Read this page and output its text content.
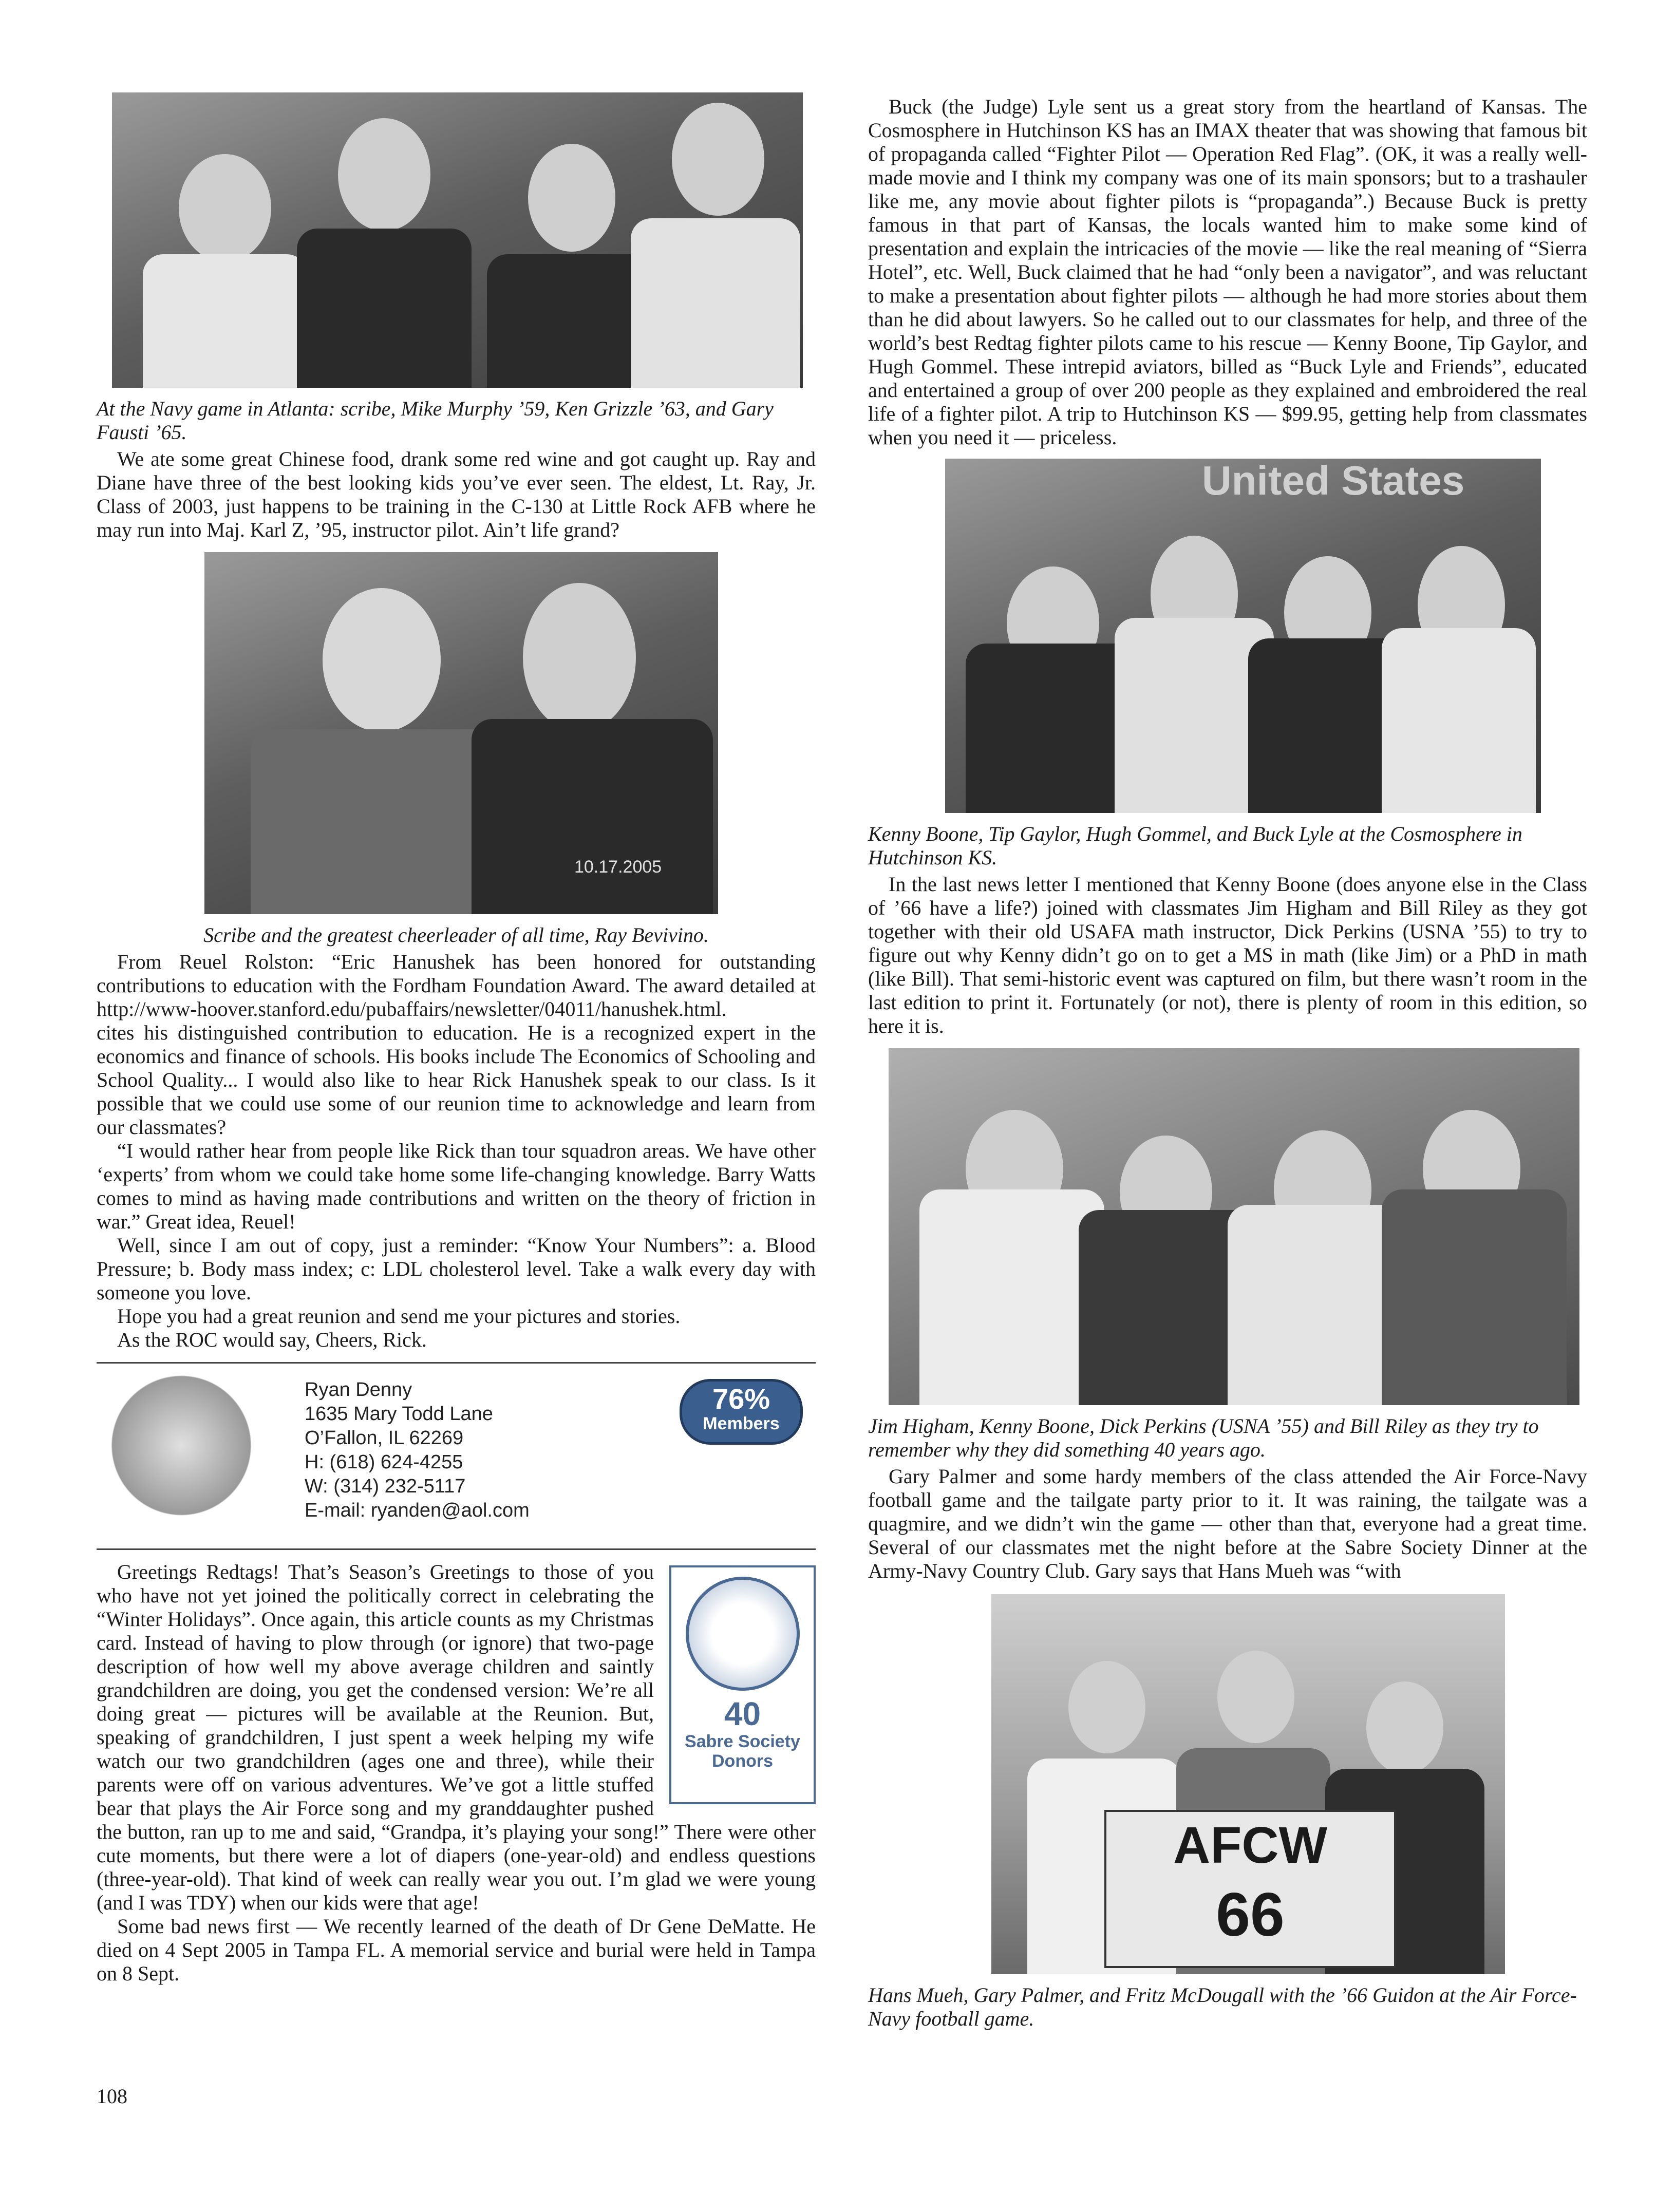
At the Navy game in Atlanta: scribe, Mike Murphy ’59, Ken Grizzle ’63, and Gary Fausti ’65.

We ate some great Chinese food, drank some red wine and got caught up. Ray and Diane have three of the best looking kids you’ve ever seen. The eldest, Lt. Ray, Jr. Class of 2003, just happens to be training in the C-130 at Little Rock AFB where he may run into Maj. Karl Z, ’95, instructor pilot. Ain’t life grand?

10.17.2005

Scribe and the greatest cheerleader of all time, Ray Bevivino.

From Reuel Rolston: “Eric Hanushek has been honored for outstanding contributions to education with the Fordham Foundation Award. The award detailed at http://www-hoover.stanford.edu/pubaffairs/newsletter/04011/hanushek.html.

cites his distinguished contribution to education. He is a recognized expert in the economics and finance of schools. His books include The Economics of Schooling and School Quality... I would also like to hear Rick Hanushek speak to our class. Is it possible that we could use some of our reunion time to acknowledge and learn from our classmates?

“I would rather hear from people like Rick than tour squadron areas. We have other ‘experts’ from whom we could take home some life-changing knowledge. Barry Watts comes to mind as having made contributions and written on the theory of friction in war.” Great idea, Reuel!

Well, since I am out of copy, just a reminder: “Know Your Numbers”: a. Blood Pressure; b. Body mass index; c: LDL cholesterol level. Take a walk every day with someone you love.

Hope you had a great reunion and send me your pictures and stories.

As the ROC would say, Cheers, Rick.

Ryan Denny
1635 Mary Todd Lane
O’Fallon, IL 62269
H: (618) 624-4255
W: (314) 232-5117
E-mail: ryanden@aol.com
76%
Members
40
Sabre Society
Donors

Greetings Redtags! That’s Season’s Greetings to those of you who have not yet joined the politically correct in celebrating the “Winter Holidays”. Once again, this article counts as my Christmas card. Instead of having to plow through (or ignore) that two-page description of how well my above average children and saintly grandchildren are doing, you get the condensed version: We’re all doing great — pictures will be available at the Reunion. But, speaking of grandchildren, I just spent a week helping my wife watch our two grandchildren (ages one and three), while their parents were off on various adventures. We’ve got a little stuffed bear that plays the Air Force song and my granddaughter pushed the button, ran up to me and said, “Grandpa, it’s playing your song!” There were other cute moments, but there were a lot of diapers (one-year-old) and endless questions (three-year-old). That kind of week can really wear you out. I’m glad we were young (and I was TDY) when our kids were that age!

Some bad news first — We recently learned of the death of Dr Gene DeMatte. He died on 4 Sept 2005 in Tampa FL. A memorial service and burial were held in Tampa on 8 Sept.

Buck (the Judge) Lyle sent us a great story from the heartland of Kansas. The Cosmosphere in Hutchinson KS has an IMAX theater that was showing that famous bit of propaganda called “Fighter Pilot — Operation Red Flag”. (OK, it was a really well-made movie and I think my company was one of its main sponsors; but to a trashauler like me, any movie about fighter pilots is “propaganda”.) Because Buck is pretty famous in that part of Kansas, the locals wanted him to make some kind of presentation and explain the intricacies of the movie — like the real meaning of “Sierra Hotel”, etc. Well, Buck claimed that he had “only been a navigator”, and was reluctant to make a presentation about fighter pilots — although he had more stories about them than he did about lawyers. So he called out to our classmates for help, and three of the world’s best Redtag fighter pilots came to his rescue — Kenny Boone, Tip Gaylor, and Hugh Gommel. These intrepid aviators, billed as “Buck Lyle and Friends”, educated and entertained a group of over 200 people as they explained and embroidered the real life of a fighter pilot. A trip to Hutchinson KS — $99.95, getting help from classmates when you need it — priceless.

United States

Kenny Boone, Tip Gaylor, Hugh Gommel, and Buck Lyle at the Cosmosphere in Hutchinson KS.

In the last news letter I mentioned that Kenny Boone (does anyone else in the Class of ’66 have a life?) joined with classmates Jim Higham and Bill Riley as they got together with their old USAFA math instructor, Dick Perkins (USNA ’55) to try to figure out why Kenny didn’t go on to get a MS in math (like Jim) or a PhD in math (like Bill). That semi-historic event was captured on film, but there wasn’t room in the last edition to print it. Fortunately (or not), there is plenty of room in this edition, so here it is.

Jim Higham, Kenny Boone, Dick Perkins (USNA ’55) and Bill Riley as they try to remember why they did something 40 years ago.

Gary Palmer and some hardy members of the class attended the Air Force-Navy football game and the tailgate party prior to it. It was raining, the tailgate was a quagmire, and we didn’t win the game — other than that, everyone had a great time. Several of our classmates met the night before at the Sabre Society Dinner at the Army-Navy Country Club. Gary says that Hans Mueh was “with

AFCW
66

Hans Mueh, Gary Palmer, and Fritz McDougall with the ’66 Guidon at the Air Force-Navy football game.

108
